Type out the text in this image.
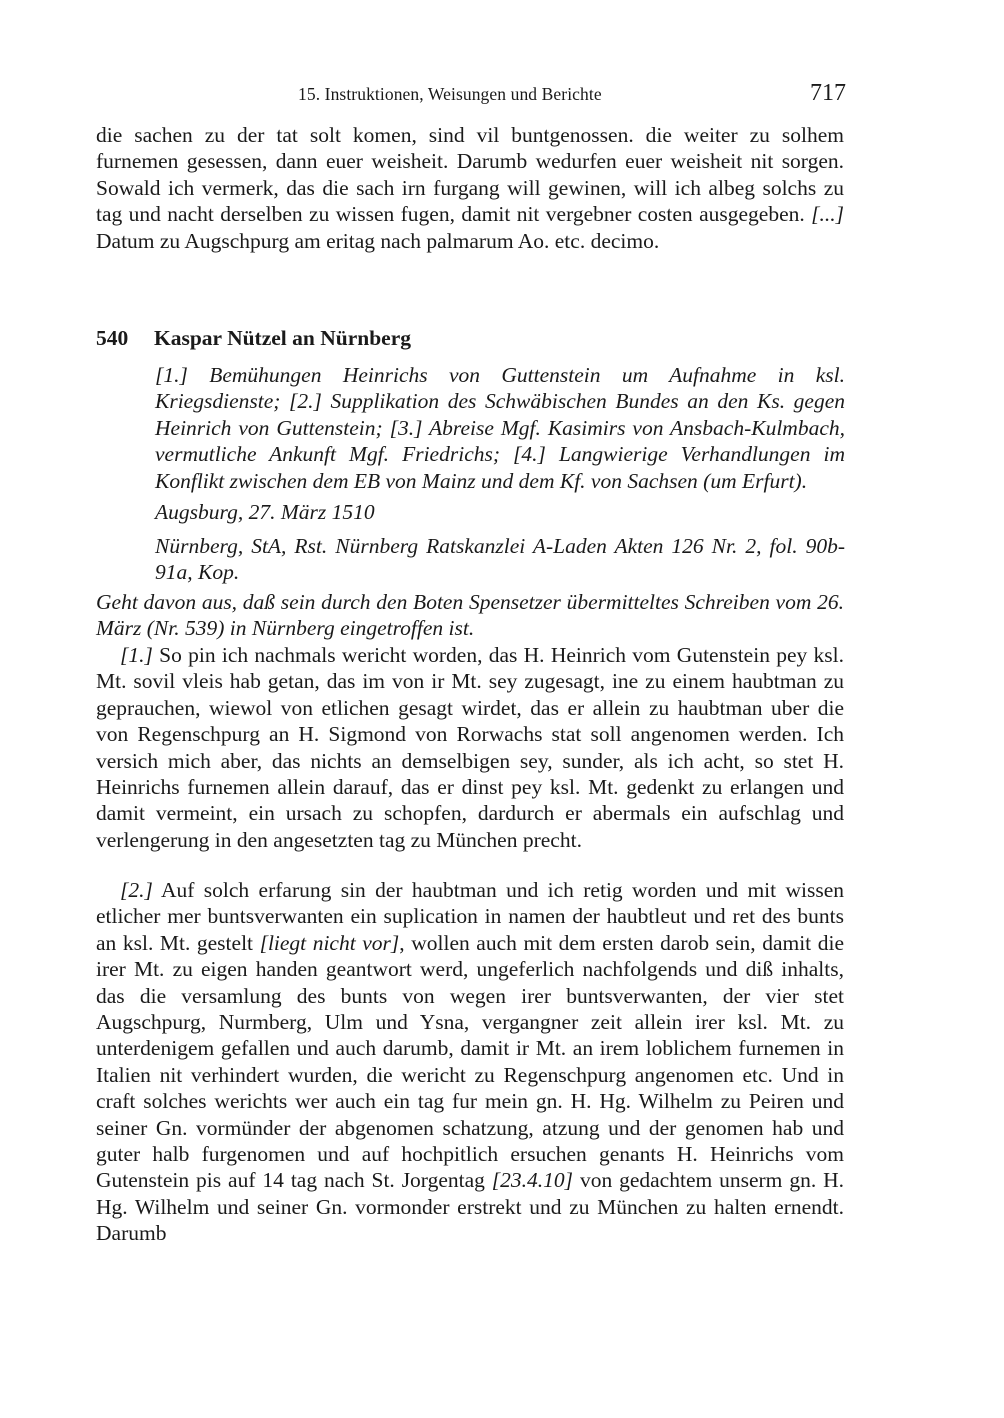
15. Instruktionen, Weisungen und Berichte	717

die sachen zu der tat solt komen, sind vil buntgenossen. die weiter zu solhem furnemen gesessen, dann euer weisheit. Darumb wedurfen euer weisheit nit sorgen. Sowald ich vermerk, das die sach irn furgang will gewinen, will ich albeg solchs zu tag und nacht derselben zu wissen fugen, damit nit vergebner costen ausgegeben. [...] Datum zu Augschpurg am eritag nach palmarum Ao. etc. decimo.

540 Kaspar Nützel an Nürnberg

[1.] Bemühungen Heinrichs von Guttenstein um Aufnahme in ksl. Kriegsdienste; [2.] Supplikation des Schwäbischen Bundes an den Ks. gegen Heinrich von Guttenstein; [3.] Abreise Mgf. Kasimirs von Ansbach-Kulmbach, vermutliche Ankunft Mgf. Friedrichs; [4.] Langwierige Verhandlungen im Konflikt zwischen dem EB von Mainz und dem Kf. von Sachsen (um Erfurt).

Augsburg, 27. März 1510

Nürnberg, StA, Rst. Nürnberg Ratskanzlei A-Laden Akten 126 Nr. 2, fol. 90b-91a, Kop.

Geht davon aus, daß sein durch den Boten Spensetzer übermitteltes Schreiben vom 26. März (Nr. 539) in Nürnberg eingetroffen ist.

[1.] So pin ich nachmals wericht worden, das H. Heinrich vom Gutenstein pey ksl. Mt. sovil vleis hab getan, das im von ir Mt. sey zugesagt, ine zu einem haubtman zu geprauchen, wiewol von etlichen gesagt wirdet, das er allein zu haubtman uber die von Regenschpurg an H. Sigmond von Rorwachs stat soll angenomen werden. Ich versich mich aber, das nichts an demselbigen sey, sunder, als ich acht, so stet H. Heinrichs furnemen allein darauf, das er dinst pey ksl. Mt. gedenkt zu erlangen und damit vermeint, ein ursach zu schopfen, dardurch er abermals ein aufschlag und verlengerung in den angesetzten tag zu München precht.

[2.] Auf solch erfarung sin der haubtman und ich retig worden und mit wissen etlicher mer buntsverwanten ein suplication in namen der haubtleut und ret des bunts an ksl. Mt. gestelt [liegt nicht vor], wollen auch mit dem ersten darob sein, damit die irer Mt. zu eigen handen geantwort werd, ungeferlich nachfolgends und diß inhalts, das die versamlung des bunts von wegen irer buntsverwanten, der vier stet Augschpurg, Nurmberg, Ulm und Ysna, vergangner zeit allein irer ksl. Mt. zu unterdenigem gefallen und auch darumb, damit ir Mt. an irem loblichem furnemen in Italien nit verhindert wurden, die wericht zu Regenschpurg angenomen etc. Und in craft solches werichts wer auch ein tag fur mein gn. H. Hg. Wilhelm zu Peiren und seiner Gn. vormünder der abgenomen schatzung, atzung und der genomen hab und guter halb furgenomen und auf hochpitlich ersuchen genants H. Heinrichs vom Gutenstein pis auf 14 tag nach St. Jorgentag [23.4.10] von gedachtem unserm gn. H. Hg. Wilhelm und seiner Gn. vormonder erstrekt und zu München zu halten ernendt. Darumb
